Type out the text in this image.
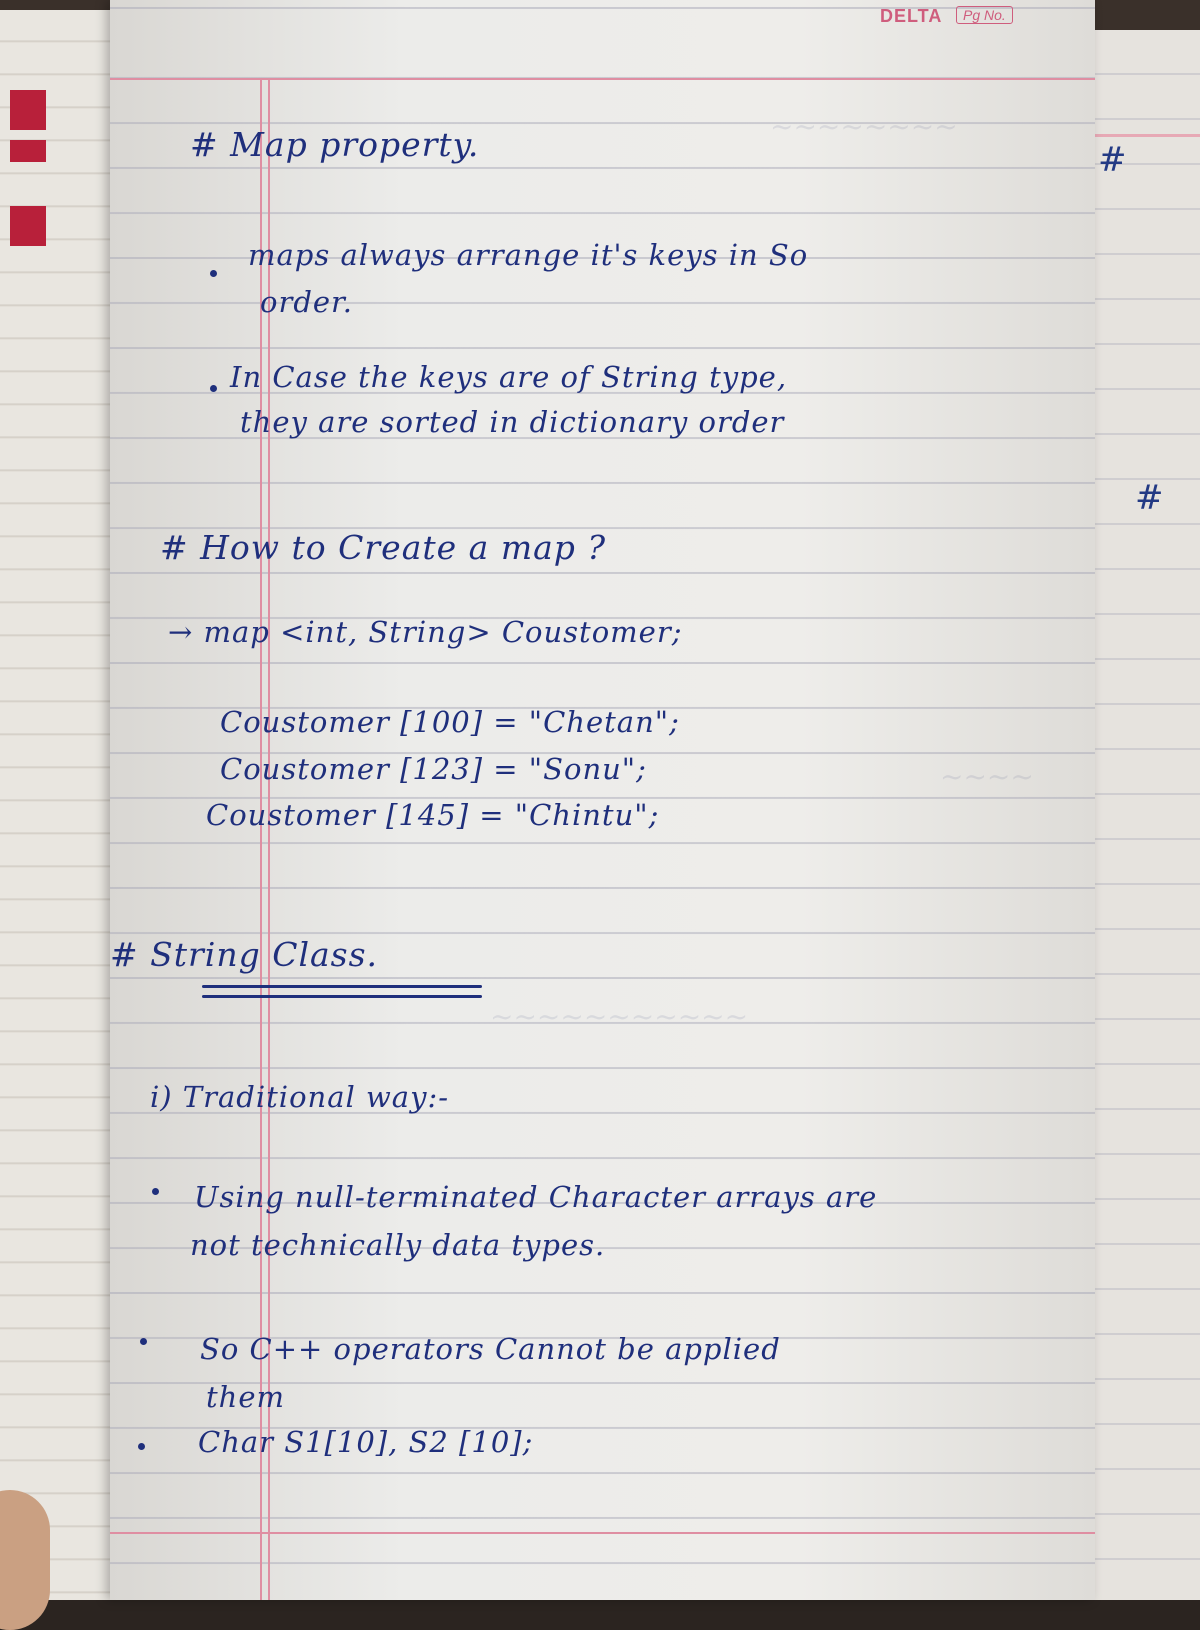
#
#
DELTA	Pg No.
~~~~~~~~
~~~~
~~~~~~~~~~~
# Map property.
maps always arrange it's keys in So
order.
In Case the keys are of String type,
they are sorted in dictionary order
# How to Create a map ?
→ map <int, String> Coustomer;
Coustomer [100] = "Chetan";
Coustomer [123] = "Sonu";
Coustomer [145] = "Chintu";
# String Class.
i) Traditional way:-
Using null-terminated Character arrays are
not technically data types.
So C++ operators Cannot be applied
them
Char S1[10], S2 [10];
